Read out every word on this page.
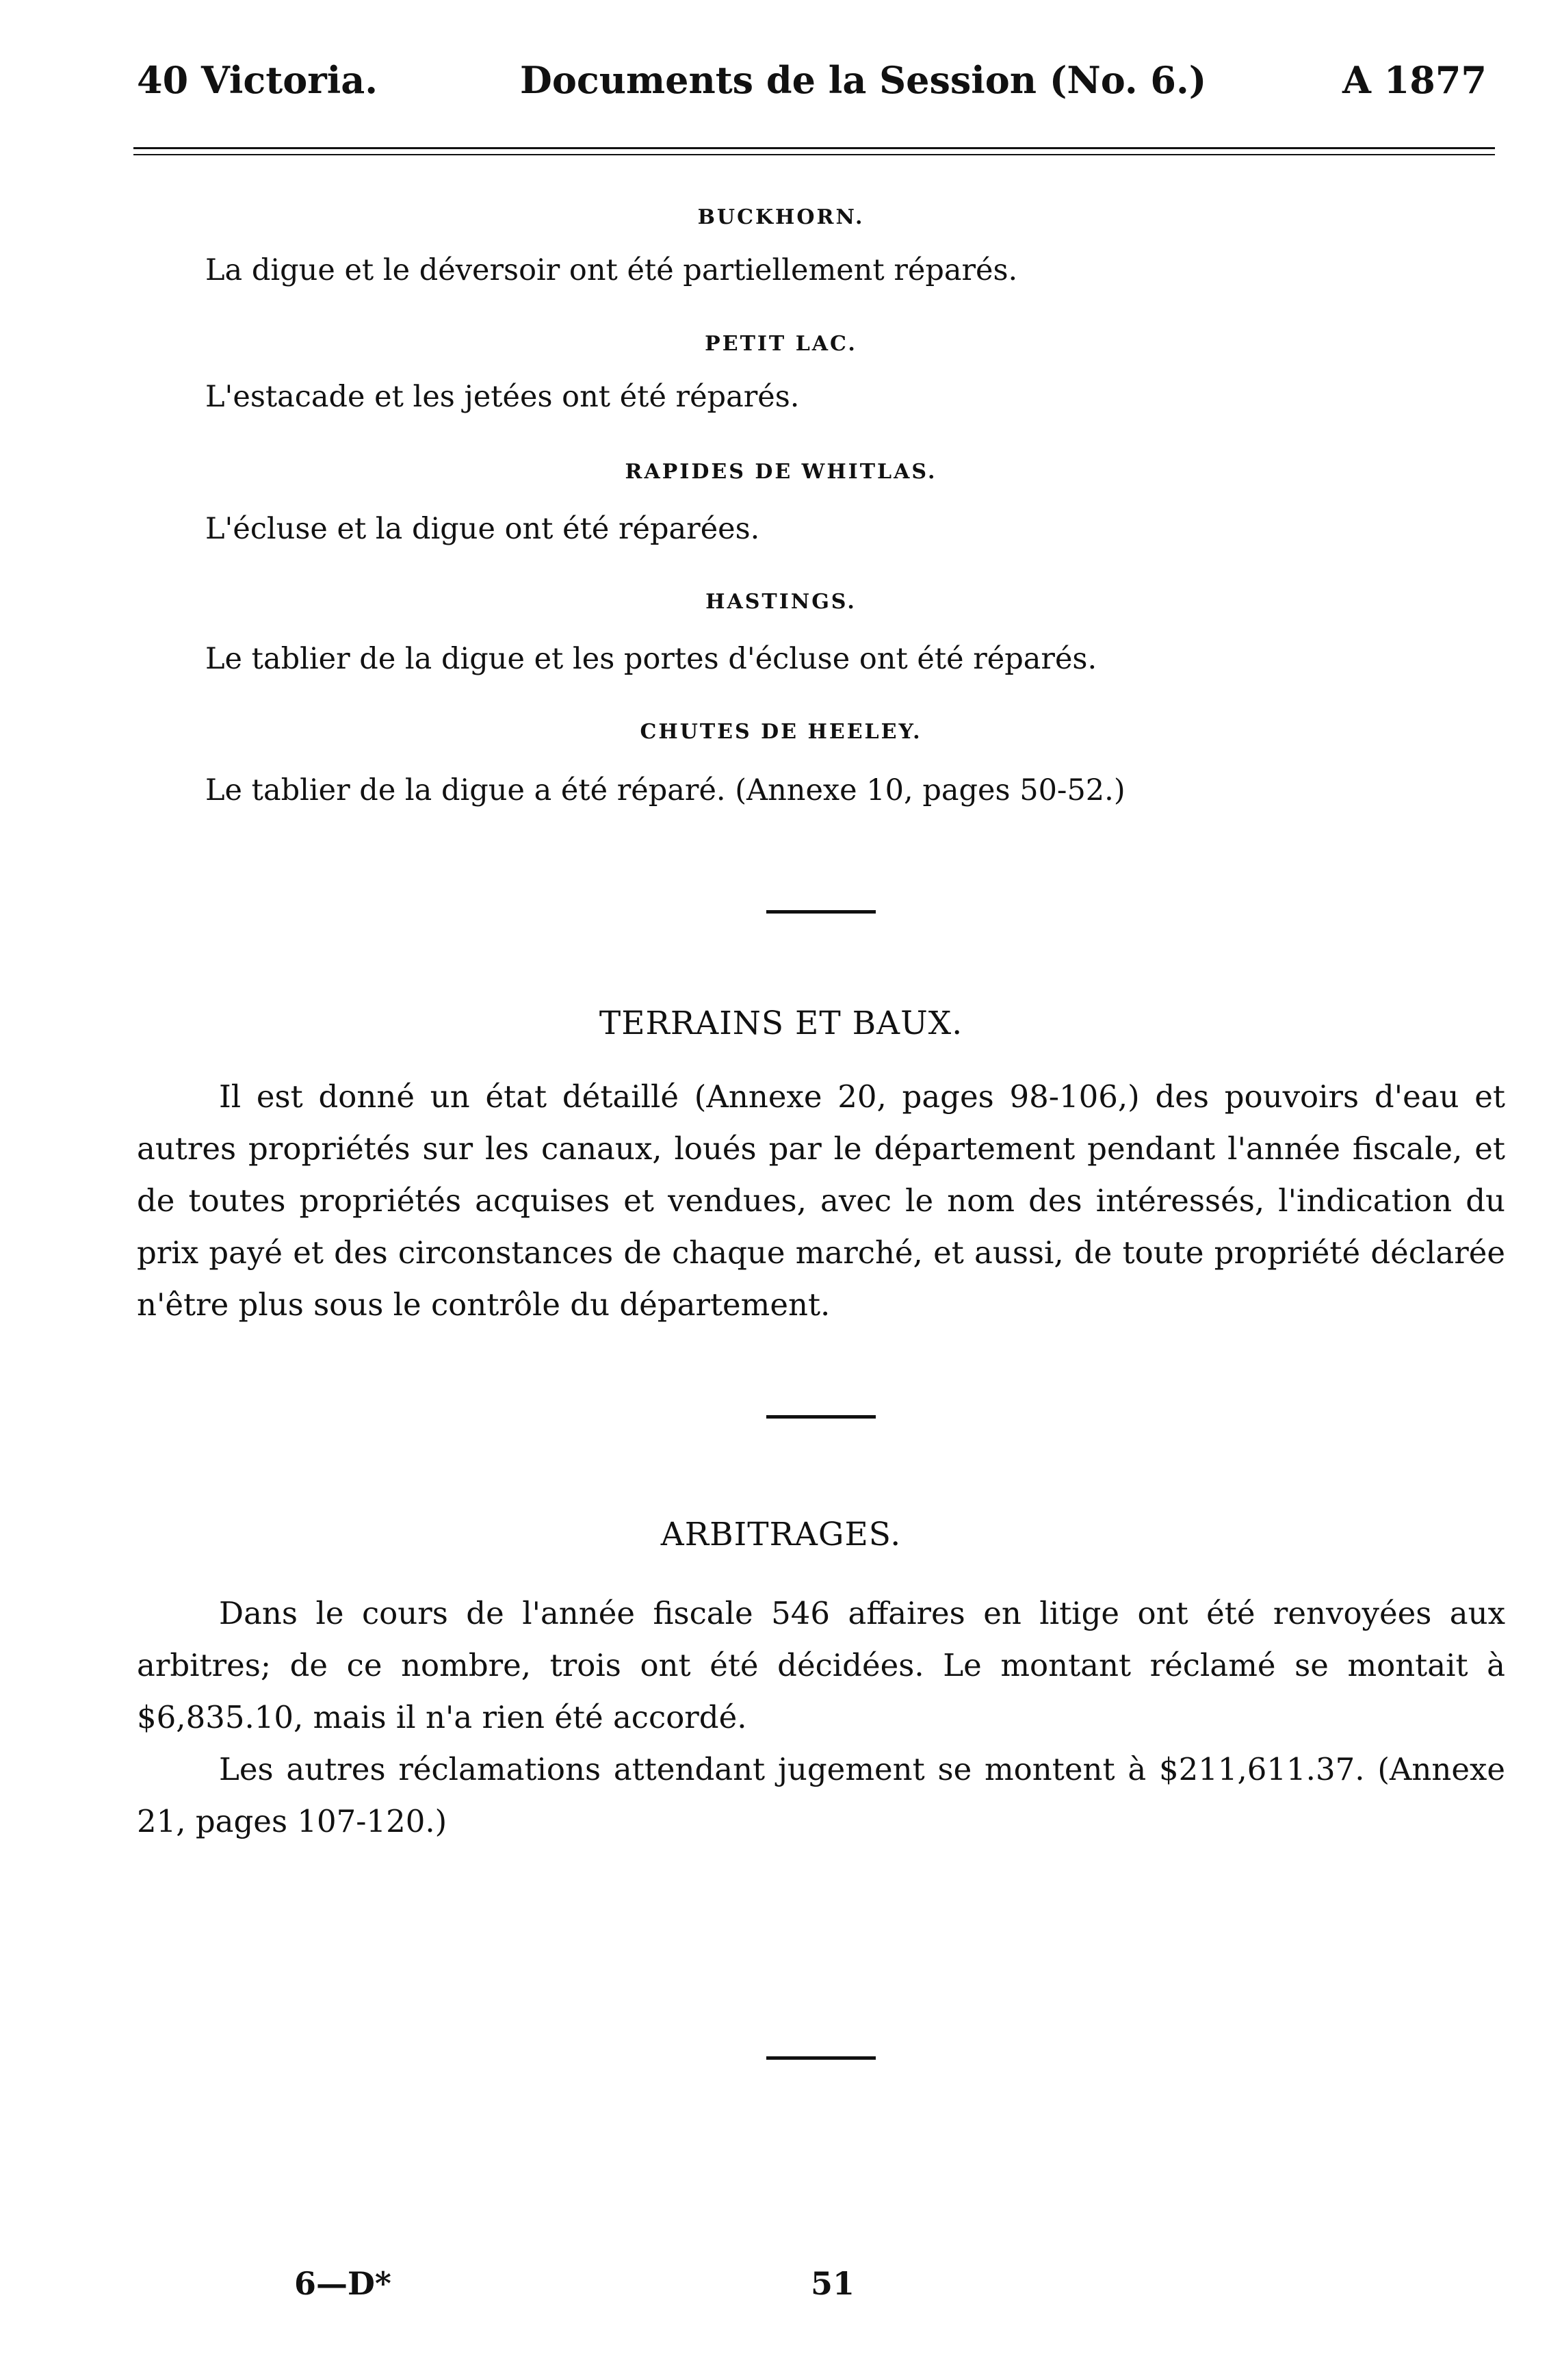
40 Victoria.	Documents de la Session (No. 6.)	A 1877
BUCKHORN.
La digue et le déversoir ont été partiellement réparés.
PETIT LAC.
L'estacade et les jetées ont été réparés.
RAPIDES DE WHITLAS.
L'écluse et la digue ont été réparées.
HASTINGS.
Le tablier de la digue et les portes d'écluse ont été réparés.
CHUTES DE HEELEY.
Le tablier de la digue a été réparé. (Annexe 10, pages 50-52.)
TERRAINS ET BAUX.

Il est donné un état détaillé (Annexe 20, pages 98-106,) des pouvoirs d'eau et autres propriétés sur les canaux, loués par le département pendant l'année fiscale, et de toutes propriétés acquises et vendues, avec le nom des intéressés, l'indication du prix payé et des circonstances de chaque marché, et aussi, de toute propriété déclarée n'être plus sous le contrôle du département.

ARBITRAGES.

Dans le cours de l'année fiscale 546 affaires en litige ont été renvoyées aux arbitres; de ce nombre, trois ont été décidées. Le montant réclamé se montait à $6,835.10, mais il n'a rien été accordé.

Les autres réclamations attendant jugement se montent à $211,611.37. (Annexe 21, pages 107-120.)

6—D*	51
